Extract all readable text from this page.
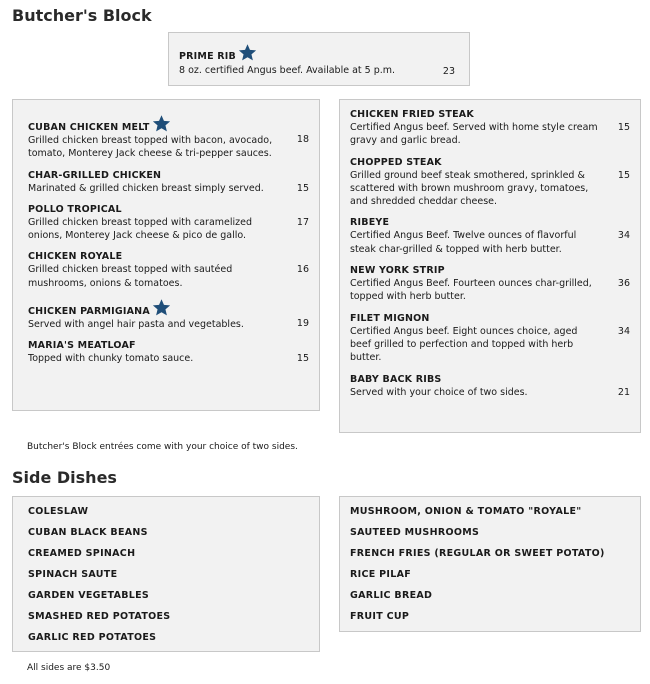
Butcher's Block
PRIME RIB
8 oz. certified Angus beef. Available at 5 p.m.	23
CUBAN CHICKEN MELT
Grilled chicken breast topped with bacon, avocado, tomato, Monterey Jack cheese & tri-pepper sauces.
18
CHAR-GRILLED CHICKEN
Marinated & grilled chicken breast simply served.	15
POLLO TROPICAL
Grilled chicken breast topped with caramelized onions, Monterey Jack cheese & pico de gallo.
17
CHICKEN ROYALE
Grilled chicken breast topped with sautéed mushrooms, onions & tomatoes.
16
CHICKEN PARMIGIANA
Served with angel hair pasta and vegetables.	19
MARIA'S MEATLOAF
Topped with chunky tomato sauce.	15
CHICKEN FRIED STEAK
Certified Angus beef. Served with home style cream gravy and garlic bread.
15
CHOPPED STEAK
Grilled ground beef steak smothered, sprinkled & scattered with brown mushroom gravy, tomatoes, and shredded cheddar cheese.
15
RIBEYE
Certified Angus Beef. Twelve ounces of flavorful steak char-grilled & topped with herb butter.
34
NEW YORK STRIP
Certified Angus Beef. Fourteen ounces char-grilled, topped with herb butter.
36
FILET MIGNON
Certified Angus beef. Eight ounces choice, aged beef grilled to perfection and topped with herb butter.
34
BABY BACK RIBS
Served with your choice of two sides.	21
Butcher's Block entrées come with your choice of two sides.
Side Dishes
COLESLAW
CUBAN BLACK BEANS
CREAMED SPINACH
SPINACH SAUTE
GARDEN VEGETABLES
SMASHED RED POTATOES
GARLIC RED POTATOES
MUSHROOM, ONION & TOMATO "ROYALE"
SAUTEED MUSHROOMS
FRENCH FRIES (REGULAR OR SWEET POTATO)
RICE PILAF
GARLIC BREAD
FRUIT CUP
All sides are $3.50
